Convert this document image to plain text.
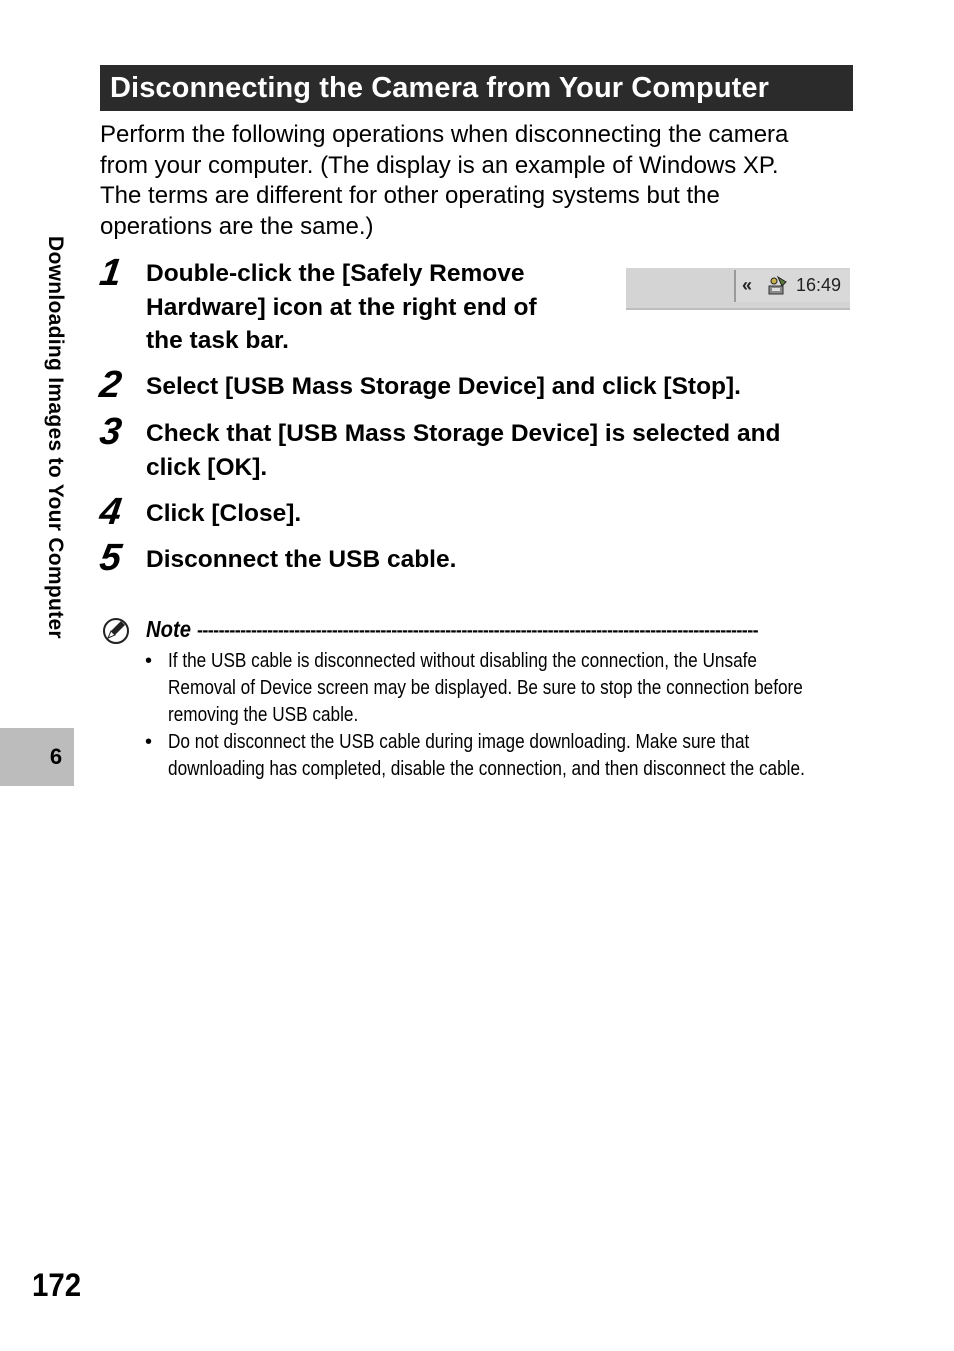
Disconnecting the Camera from Your Computer
Perform the following operations when disconnecting the camera
from your computer. (The display is an example of Windows XP.
The terms are different for other operating systems but the
operations are the same.)
1 Double-click the [Safely Remove
Hardware] icon at the right end of
the task bar.
« 16:49
2 Select [USB Mass Storage Device] and click [Stop].
3 Check that [USB Mass Storage Device] is selected and
click [OK].
4 Click [Close].
5 Disconnect the USB cable.
Note --------------------------------------------------------------------------------------------------------
• If the USB cable is disconnected without disabling the connection, the Unsafe
Removal of Device screen may be displayed. Be sure to stop the connection before
removing the USB cable.
• Do not disconnect the USB cable during image downloading. Make sure that
downloading has completed, disable the connection, and then disconnect the cable.
Downloading Images to Your Computer
6
172
